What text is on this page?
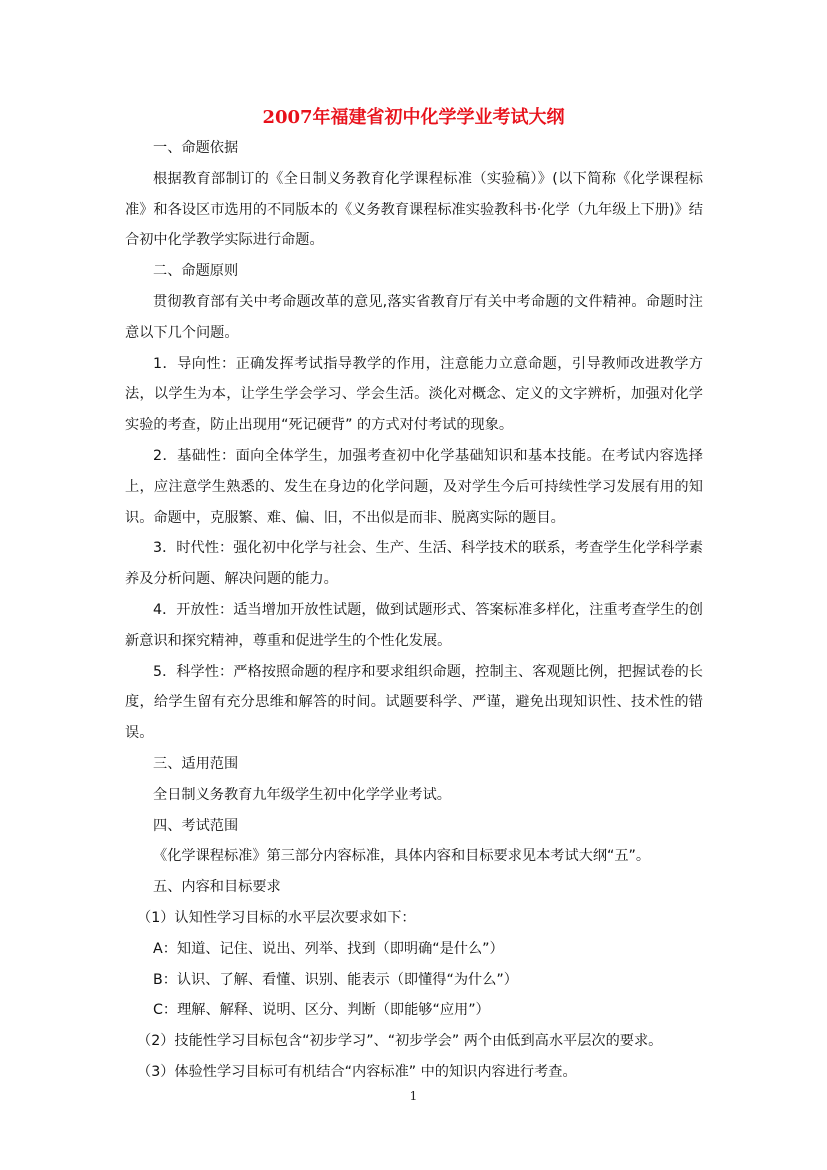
2007年福建省初中化学学业考试大纲

一、命题依据

根据教育部制订的《全日制义务教育化学课程标准（实验稿）》(以下简称《化学课程标准》和各设区市选用的不同版本的《义务教育课程标准实验教科书·化学（九年级上下册)》结合初中化学教学实际进行命题。

二、命题原则

贯彻教育部有关中考命题改革的意见,落实省教育厅有关中考命题的文件精神。命题时注意以下几个问题。

1．导向性：正确发挥考试指导教学的作用，注意能力立意命题，引导教师改进教学方法，以学生为本，让学生学会学习、学会生活。淡化对概念、定义的文字辨析，加强对化学实验的考查，防止出现用“死记硬背” 的方式对付考试的现象。

2．基础性：面向全体学生，加强考查初中化学基础知识和基本技能。在考试内容选择上，应注意学生熟悉的、发生在身边的化学问题，及对学生今后可持续性学习发展有用的知识。命题中，克服繁、难、偏、旧，不出似是而非、脱离实际的题目。

3．时代性：强化初中化学与社会、生产、生活、科学技术的联系，考查学生化学科学素养及分析问题、解决问题的能力。

4．开放性：适当增加开放性试题，做到试题形式、答案标准多样化，注重考查学生的创新意识和探究精神，尊重和促进学生的个性化发展。

5．科学性：严格按照命题的程序和要求组织命题，控制主、客观题比例，把握试卷的长度，给学生留有充分思维和解答的时间。试题要科学、严谨，避免出现知识性、技术性的错误。

三、适用范围

全日制义务教育九年级学生初中化学学业考试。

四、考试范围

《化学课程标准》第三部分内容标准，具体内容和目标要求见本考试大纲“五”。

五、内容和目标要求

（1）认知性学习目标的水平层次要求如下：

A：知道、记住、说出、列举、找到（即明确“是什么”）

B：认识、了解、看懂、识别、能表示（即懂得“为什么”）

C：理解、解释、说明、区分、判断（即能够“应用”）

（2）技能性学习目标包含“初步学习”、“初步学会” 两个由低到高水平层次的要求。

（3）体验性学习目标可有机结合“内容标准” 中的知识内容进行考查。

1
